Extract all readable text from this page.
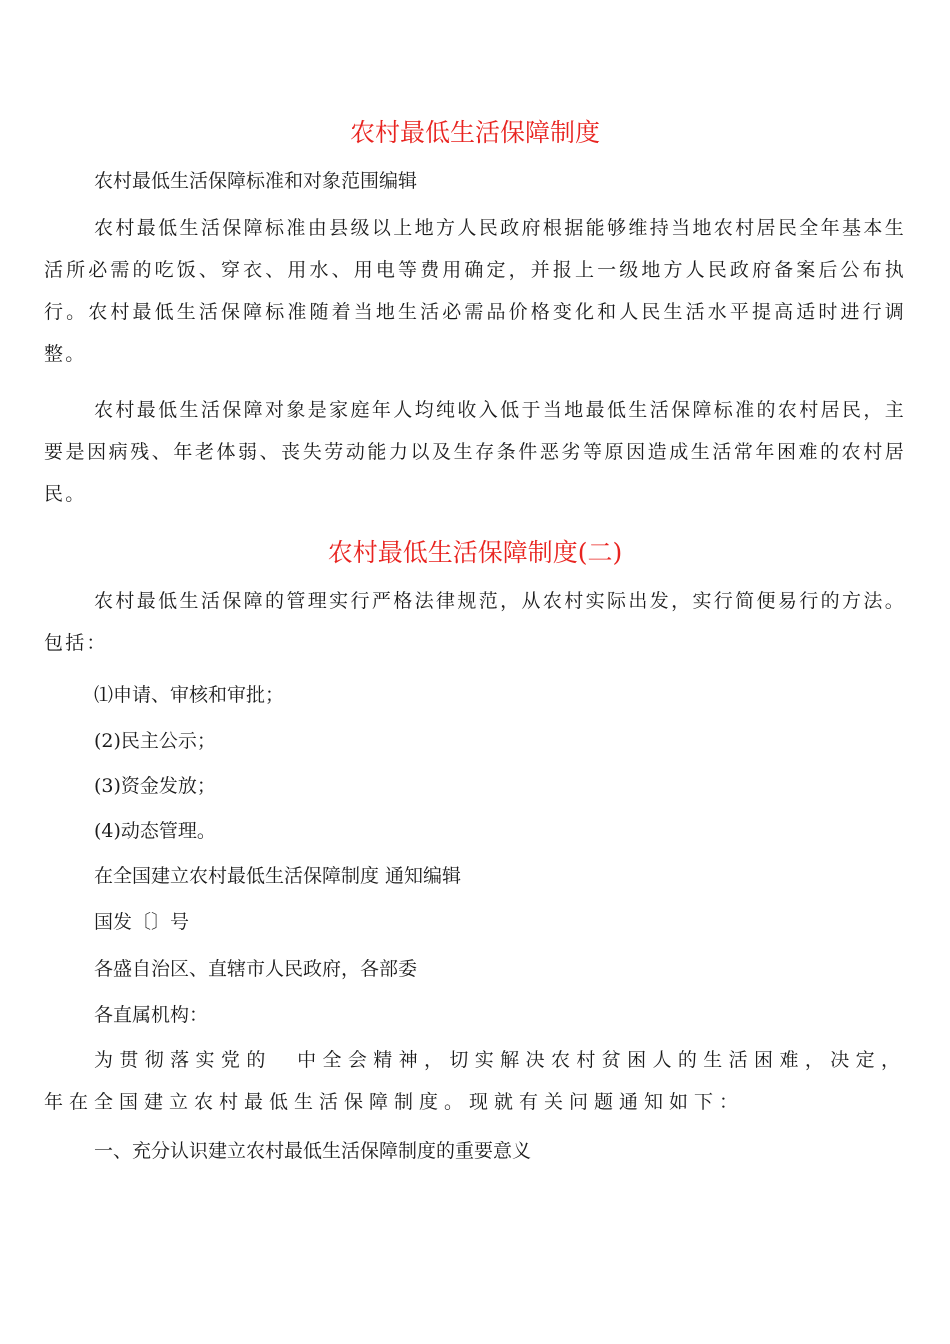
农村最低生活保障制度

农村最低生活保障标准和对象范围编辑

农村最低生活保障标准由县级以上地方人民政府根据能够维持当地农村居民全年基本生活所必需的吃饭、穿衣、用水、用电等费用确定，并报上一级地方人民政府备案后公布执行。农村最低生活保障标准随着当地生活必需品价格变化和人民生活水平提高适时进行调整。

农村最低生活保障对象是家庭年人均纯收入低于当地最低生活保障标准的农村居民，主要是因病残、年老体弱、丧失劳动能力以及生存条件恶劣等原因造成生活常年困难的农村居民。

农村最低生活保障制度(二)

农村最低生活保障的管理实行严格法律规范，从农村实际出发，实行简便易行的方法。包括：

⑴申请、审核和审批；

(2)民主公示；

(3)资金发放；

(4)动态管理。

在全国建立农村最低生活保障制度 通知编辑

国发〔〕号

各盛自治区、直辖市人民政府，各部委

各直属机构：

为贯彻落实党的　中全会精神，切实解决农村贫困人的生活困难，决定，年在全国建立农村最低生活保障制度。现就有关问题通知如下：

一、充分认识建立农村最低生活保障制度的重要意义
